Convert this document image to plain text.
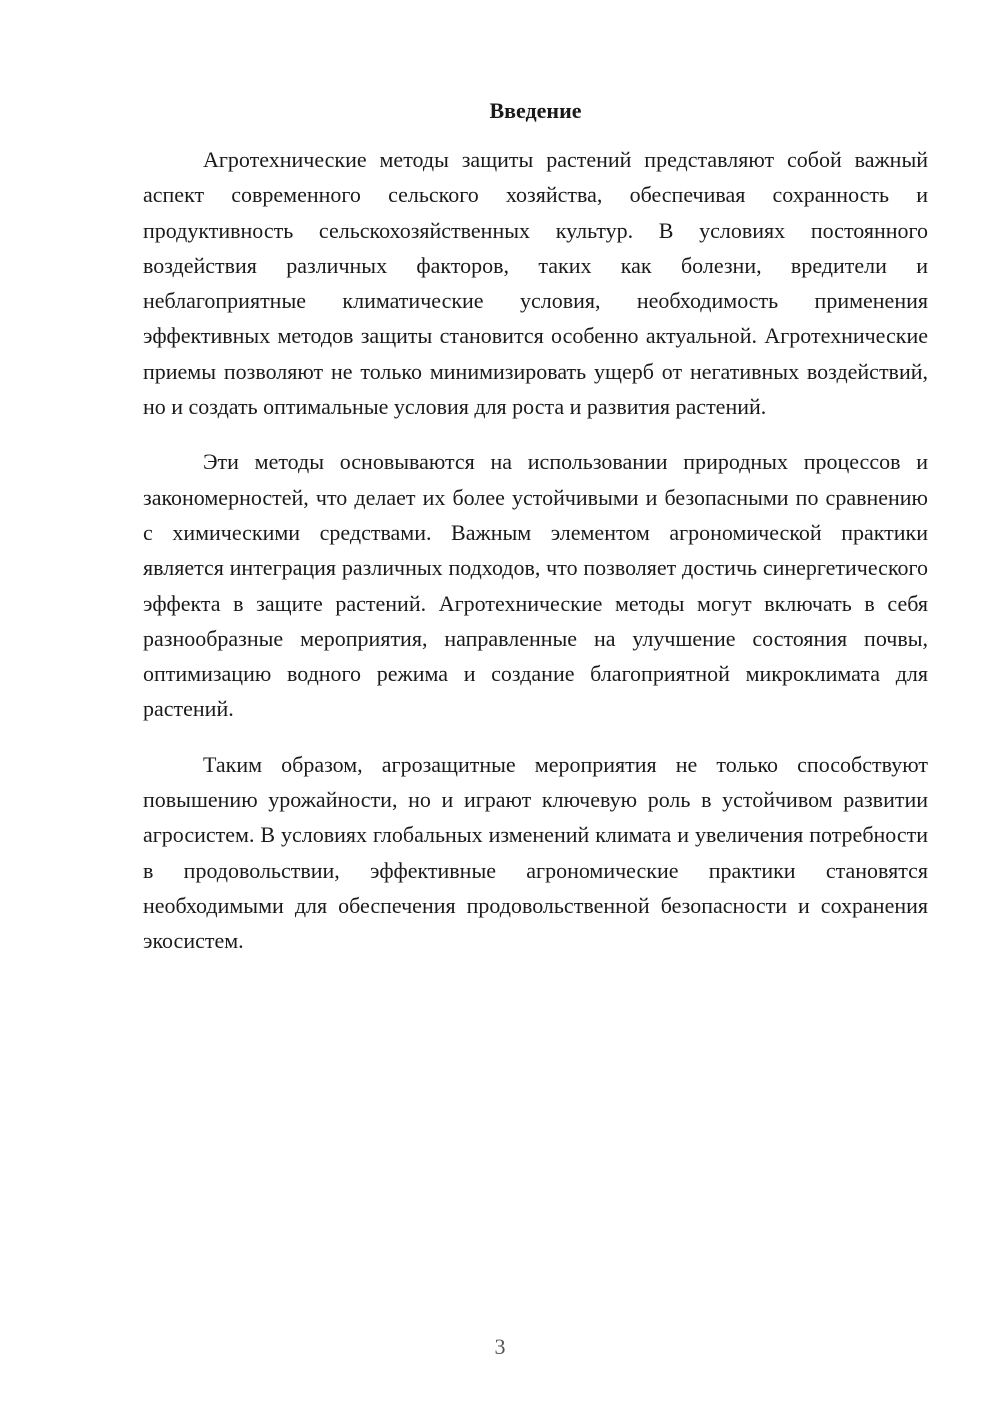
Введение

Агротехнические методы защиты растений представляют собой важный аспект современного сельского хозяйства, обеспечивая сохранность и продуктивность сельскохозяйственных культур. В условиях постоянного воздействия различных факторов, таких как болезни, вредители и неблагоприятные климатические условия, необходимость применения эффективных методов защиты становится особенно актуальной. Агротехнические приемы позволяют не только минимизировать ущерб от негативных воздействий, но и создать оптимальные условия для роста и развития растений.

Эти методы основываются на использовании природных процессов и закономерностей, что делает их более устойчивыми и безопасными по сравнению с химическими средствами. Важным элементом агрономической практики является интеграция различных подходов, что позволяет достичь синергетического эффекта в защите растений. Агротехнические методы могут включать в себя разнообразные мероприятия, направленные на улучшение состояния почвы, оптимизацию водного режима и создание благоприятной микроклимата для растений.

Таким образом, агрозащитные мероприятия не только способствуют повышению урожайности, но и играют ключевую роль в устойчивом развитии агросистем. В условиях глобальных изменений климата и увеличения потребности в продовольствии, эффективные агрономические практики становятся необходимыми для обеспечения продовольственной безопасности и сохранения экосистем.

3
